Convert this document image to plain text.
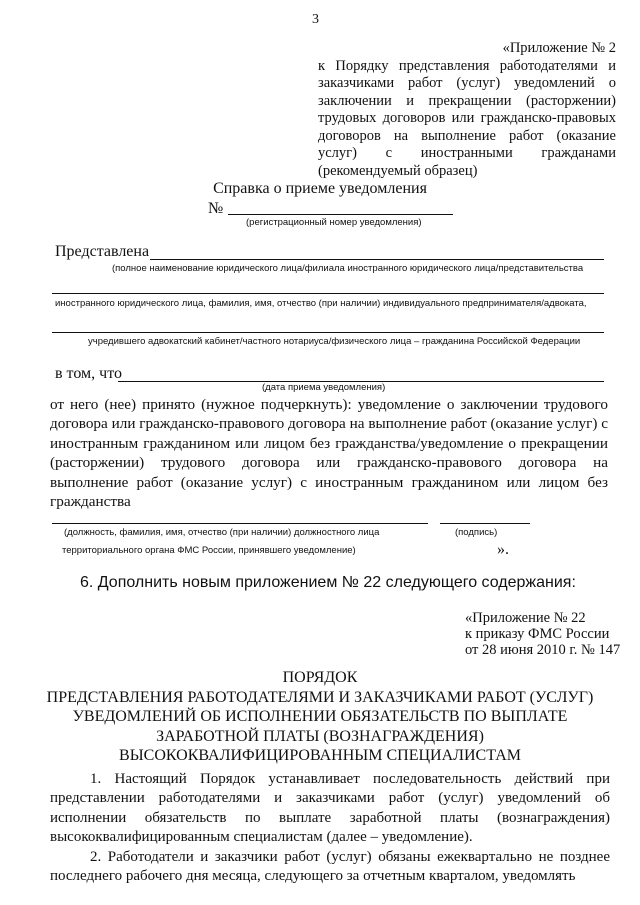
3
«Приложение № 2
к Порядку представления работодателями и заказчиками работ (услуг) уведомлений о заключении и прекращении (расторжении) трудовых договоров или гражданско-правовых договоров на выполнение работ (оказание услуг) с иностранными гражданами (рекомендуемый образец)
Справка о приеме уведомления
№
(регистрационный номер уведомления)
Представлена
(полное наименование юридического лица/филиала иностранного юридического лица/представительства
иностранного юридического лица, фамилия, имя, отчество (при наличии) индивидуального предпринимателя/адвоката,
учредившего адвокатский кабинет/частного нотариуса/физического лица – гражданина Российской Федерации
в том, что
(дата приема уведомления)
от него (нее) принято (нужное подчеркнуть): уведомление о заключении трудового договора или гражданско-правового договора на выполнение работ (оказание услуг) с иностранным гражданином или лицом без гражданства/уведомление о прекращении (расторжении) трудового договора или гражданско-правового договора на выполнение работ (оказание услуг) с иностранным гражданином или лицом без гражданства
(должность, фамилия, имя, отчество (при наличии) должностного лица
территориального органа ФМС России, принявшего уведомление)
(подпись)
».
6. Дополнить новым приложением № 22 следующего содержания:
«Приложение № 22
к приказу ФМС России
от 28 июня 2010 г. № 147
ПОРЯДОК
ПРЕДСТАВЛЕНИЯ РАБОТОДАТЕЛЯМИ И ЗАКАЗЧИКАМИ РАБОТ (УСЛУГ)
УВЕДОМЛЕНИЙ ОБ ИСПОЛНЕНИИ ОБЯЗАТЕЛЬСТВ ПО ВЫПЛАТЕ
ЗАРАБОТНОЙ ПЛАТЫ (ВОЗНАГРАЖДЕНИЯ)
ВЫСОКОКВАЛИФИЦИРОВАННЫМ СПЕЦИАЛИСТАМ
1. Настоящий Порядок устанавливает последовательность действий при представлении работодателями и заказчиками работ (услуг) уведомлений об исполнении обязательств по выплате заработной платы (вознаграждения) высококвалифицированным специалистам (далее – уведомление).
2. Работодатели и заказчики работ (услуг) обязаны ежеквартально не позднее последнего рабочего дня месяца, следующего за отчетным кварталом, уведомлять
